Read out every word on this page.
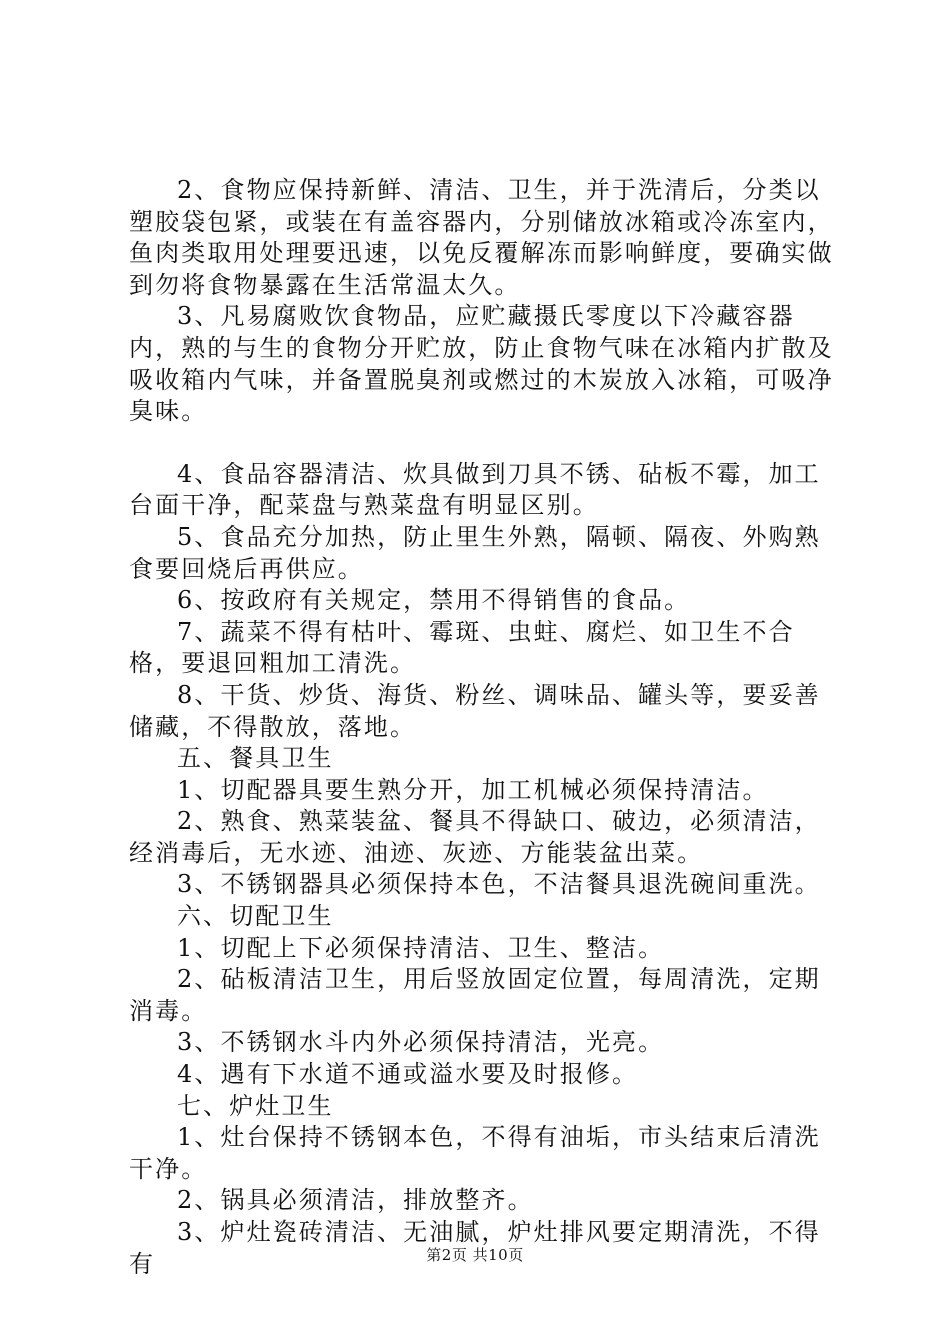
2、食物应保持新鲜、清洁、卫生，并于洗清后，分类以塑胶袋包紧，或装在有盖容器内，分别储放冰箱或冷冻室内，鱼肉类取用处理要迅速，以免反覆解冻而影响鲜度，要确实做到勿将食物暴露在生活常温太久。

3、凡易腐败饮食物品，应贮藏摄氏零度以下冷藏容器内，熟的与生的食物分开贮放，防止食物气味在冰箱内扩散及吸收箱内气味，并备置脱臭剂或燃过的木炭放入冰箱，可吸净臭味。

4、食品容器清洁、炊具做到刀具不锈、砧板不霉，加工台面干净，配菜盘与熟菜盘有明显区别。

5、食品充分加热，防止里生外熟，隔顿、隔夜、外购熟食要回烧后再供应。

6、按政府有关规定，禁用不得销售的食品。

7、蔬菜不得有枯叶、霉斑、虫蛀、腐烂、如卫生不合格，要退回粗加工清洗。

8、干货、炒货、海货、粉丝、调味品、罐头等，要妥善储藏，不得散放，落地。

五、餐具卫生

1、切配器具要生熟分开，加工机械必须保持清洁。

2、熟食、熟菜装盆、餐具不得缺口、破边，必须清洁，经消毒后，无水迹、油迹、灰迹、方能装盆出菜。

3、不锈钢器具必须保持本色，不洁餐具退洗碗间重洗。

六、切配卫生

1、切配上下必须保持清洁、卫生、整洁。

2、砧板清洁卫生，用后竖放固定位置，每周清洗，定期消毒。

3、不锈钢水斗内外必须保持清洁，光亮。

4、遇有下水道不通或溢水要及时报修。

七、炉灶卫生

1、灶台保持不锈钢本色，不得有油垢，市头结束后清洗干净。

2、锅具必须清洁，排放整齐。

3、炉灶瓷砖清洁、无油腻，炉灶排风要定期清洗，不得有	第2页 共10页
